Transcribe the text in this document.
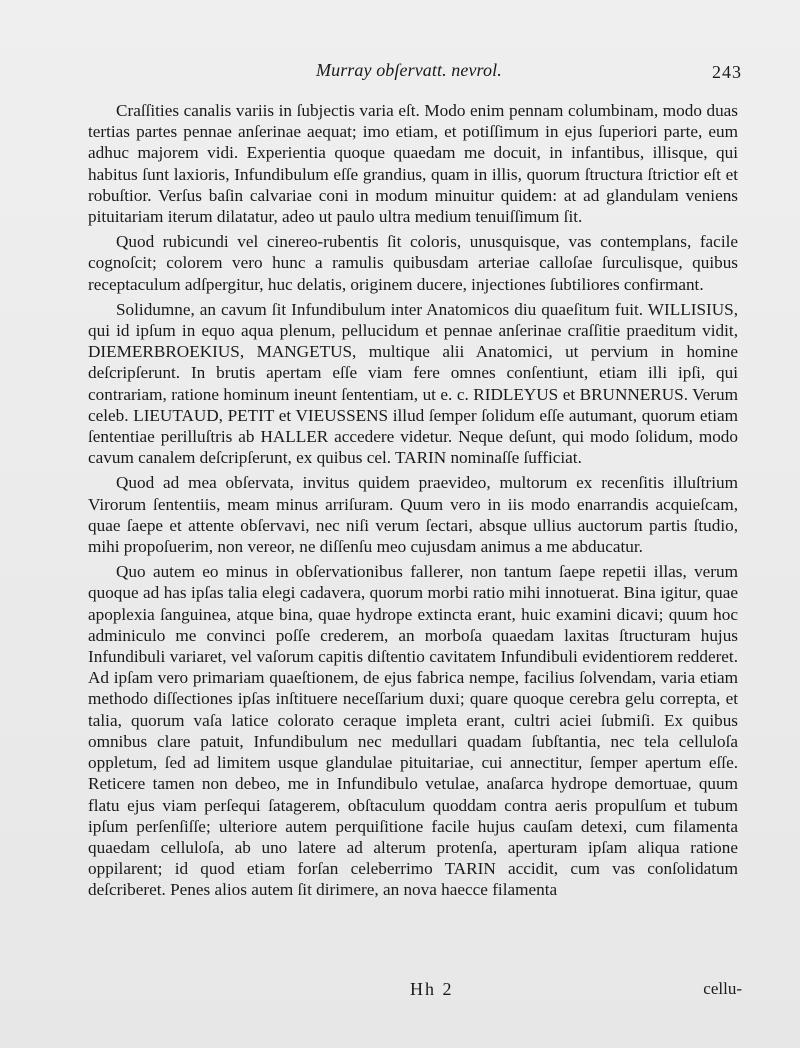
Murray obſervatt. nevrol.	243

Craſſities canalis variis in ſubjectis varia eſt. Modo enim pennam columbinam, modo duas tertias partes pennae anſerinae aequat; imo etiam, et potiſſimum in ejus ſuperiori parte, eum adhuc majorem vidi. Experientia quoque quaedam me docuit, in infantibus, illisque, qui habitus ſunt laxioris, Infundibulum eſſe grandius, quam in illis, quorum ſtructura ſtrictior eſt et robuſtior. Verſus baſin calvariae coni in modum minuitur quidem: at ad glandulam veniens pituitariam iterum dilatatur, adeo ut paulo ultra medium tenuiſſimum ſit.

Quod rubicundi vel cinereo-rubentis ſit coloris, unusquisque, vas contemplans, facile cognoſcit; colorem vero hunc a ramulis quibusdam arteriae calloſae ſurculisque, quibus receptaculum adſpergitur, huc delatis, originem ducere, injectiones ſubtiliores confirmant.

Solidumne, an cavum ſit Infundibulum inter Anatomicos diu quaeſitum fuit. WILLISIUS, qui id ipſum in equo aqua plenum, pellucidum et pennae anſerinae craſſitie praeditum vidit, DIEMERBROEKIUS, MANGETUS, multique alii Anatomici, ut pervium in homine deſcripſerunt. In brutis apertam eſſe viam fere omnes conſentiunt, etiam illi ipſi, qui contrariam, ratione hominum ineunt ſententiam, ut e. c. RIDLEYUS et BRUNNERUS. Verum celeb. LIEUTAUD, PETIT et VIEUSSENS illud ſemper ſolidum eſſe autumant, quorum etiam ſententiae perilluſtris ab HALLER accedere videtur. Neque deſunt, qui modo ſolidum, modo cavum canalem deſcripſerunt, ex quibus cel. TARIN nominaſſe ſufficiat.

Quod ad mea obſervata, invitus quidem praevideo, multorum ex recenſitis illuſtrium Virorum ſententiis, meam minus arriſuram. Quum vero in iis modo enarrandis acquieſcam, quae ſaepe et attente obſervavi, nec niſi verum ſectari, absque ullius auctorum partis ſtudio, mihi propoſuerim, non vereor, ne diſſenſu meo cujusdam animus a me abducatur.

Quo autem eo minus in obſervationibus fallerer, non tantum ſaepe repetii illas, verum quoque ad has ipſas talia elegi cadavera, quorum morbi ratio mihi innotuerat. Bina igitur, quae apoplexia ſanguinea, atque bina, quae hydrope extincta erant, huic examini dicavi; quum hoc adminiculo me convinci poſſe crederem, an morboſa quaedam laxitas ſtructuram hujus Infundibuli variaret, vel vaſorum capitis diſtentio cavitatem Infundibuli evidentiorem redderet. Ad ipſam vero primariam quaeſtionem, de ejus fabrica nempe, facilius ſolvendam, varia etiam methodo diſſectiones ipſas inſtituere neceſſarium duxi; quare quoque cerebra gelu correpta, et talia, quorum vaſa latice colorato ceraque impleta erant, cultri aciei ſubmiſi. Ex quibus omnibus clare patuit, Infundibulum nec medullari quadam ſubſtantia, nec tela celluloſa oppletum, ſed ad limitem usque glandulae pituitariae, cui annectitur, ſemper apertum eſſe. Reticere tamen non debeo, me in Infundibulo vetulae, anaſarca hydrope demortuae, quum flatu ejus viam perſequi ſatagerem, obſtaculum quoddam contra aeris propulſum et tubum ipſum perſenſiſſe; ulteriore autem perquiſitione facile hujus cauſam detexi, cum filamenta quaedam celluloſa, ab uno latere ad alterum protenſa, aperturam ipſam aliqua ratione oppilarent; id quod etiam forſan celeberrimo TARIN accidit, cum vas conſolidatum deſcriberet. Penes alios autem ſit dirimere, an nova haecce filamenta

Hh 2	cellu-
